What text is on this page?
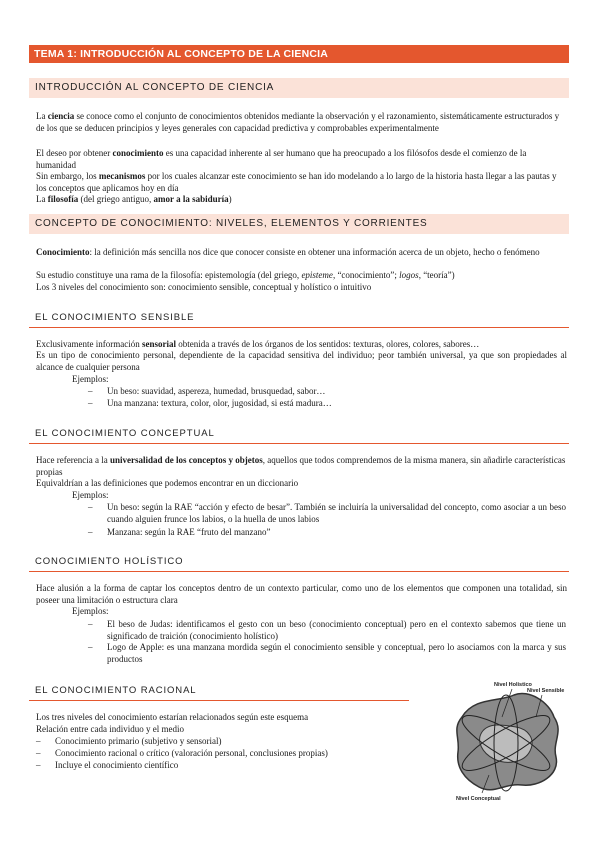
TEMA 1: INTRODUCCIÓN AL CONCEPTO DE LA CIENCIA
INTRODUCCIÓN AL CONCEPTO DE CIENCIA

La ciencia se conoce como el conjunto de conocimientos obtenidos mediante la observación y el razonamiento, sistemáticamente estructurados y de los que se deducen principios y leyes generales con capacidad predictiva y comprobables experimentalmente

El deseo por obtener conocimiento es una capacidad inherente al ser humano que ha preocupado a los filósofos desde el comienzo de la humanidad

Sin embargo, los mecanismos por los cuales alcanzar este conocimiento se han ido modelando a lo largo de la historia hasta llegar a las pautas y los conceptos que aplicamos hoy en día

La filosofía (del griego antiguo, amor a la sabiduría)

CONCEPTO DE CONOCIMIENTO: NIVELES, ELEMENTOS Y CORRIENTES

Conocimiento: la definición más sencilla nos dice que conocer consiste en obtener una información acerca de un objeto, hecho o fenómeno

Su estudio constituye una rama de la filosofía: epistemología (del griego, episteme, “conocimiento”; logos, “teoría”)

Los 3 niveles del conocimiento son: conocimiento sensible, conceptual y holístico o intuitivo

EL CONOCIMIENTO SENSIBLE

Exclusivamente información sensorial obtenida a través de los órganos de los sentidos: texturas, olores, colores, sabores…

Es un tipo de conocimiento personal, dependiente de la capacidad sensitiva del individuo; peor también universal, ya que son propiedades al alcance de cualquier persona

Ejemplos:

– Un beso: suavidad, aspereza, humedad, brusquedad, sabor…
– Una manzana: textura, color, olor, jugosidad, si está madura…
EL CONOCIMIENTO CONCEPTUAL

Hace referencia a la universalidad de los conceptos y objetos, aquellos que todos comprendemos de la misma manera, sin añadirle características propias

Equivaldrían a las definiciones que podemos encontrar en un diccionario

Ejemplos:

– Un beso: según la RAE “acción y efecto de besar”. También se incluiría la universalidad del concepto, como asociar a un beso cuando alguien frunce los labios, o la huella de unos labios
– Manzana: según la RAE “fruto del manzano”
CONOCIMIENTO HOLÍSTICO

Hace alusión a la forma de captar los conceptos dentro de un contexto particular, como uno de los elementos que componen una totalidad, sin poseer una limitación o estructura clara

Ejemplos:

– El beso de Judas: identificamos el gesto con un beso (conocimiento conceptual) pero en el contexto sabemos que tiene un significado de traición (conocimiento holístico)
– Logo de Apple: es una manzana mordida según el conocimiento sensible y conceptual, pero lo asociamos con la marca y sus productos
EL CONOCIMIENTO RACIONAL

Los tres niveles del conocimiento estarían relacionados según este esquema

Relación entre cada individuo y el medio

– Conocimiento primario (subjetivo y sensorial)
– Conocimiento racional o crítico (valoración personal, conclusiones propias)
– Incluye el conocimiento científico
Nivel Holístico
Nivel Sensible
Nivel Conceptual
